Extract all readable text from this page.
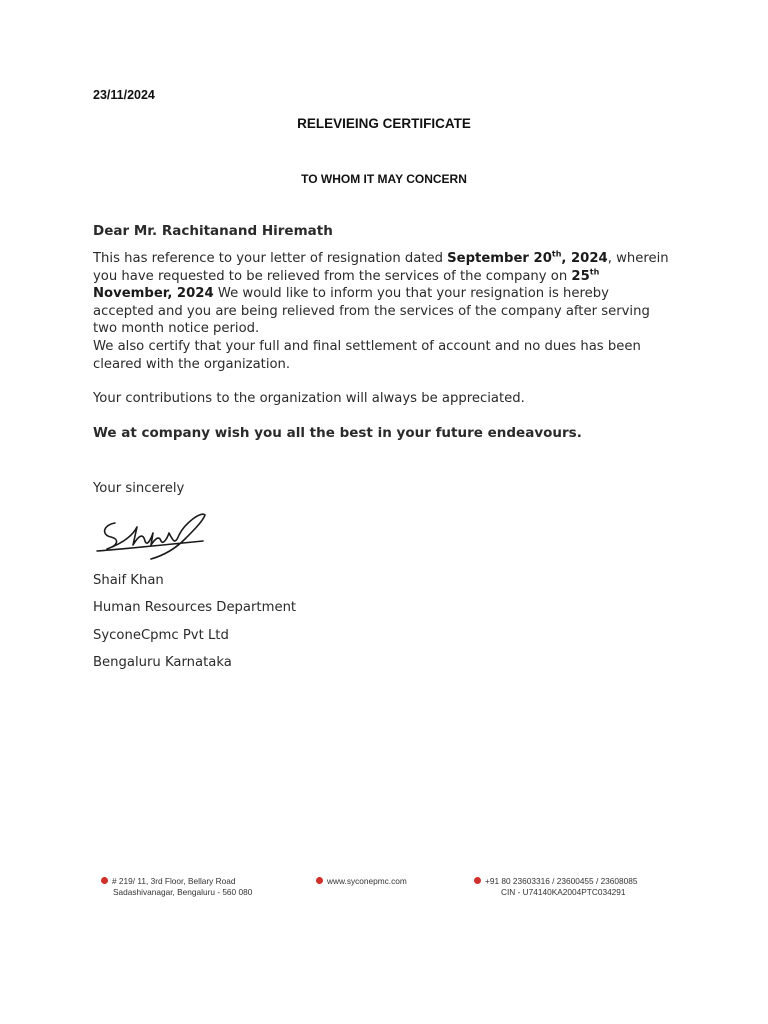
23/11/2024
RELEVIEING CERTIFICATE
TO WHOM IT MAY CONCERN
Dear Mr. Rachitanand Hiremath
This has reference to your letter of resignation dated September 20th, 2024, wherein you have requested to be relieved from the services of the company on 25th November, 2024 We would like to inform you that your resignation is hereby accepted and you are being relieved from the services of the company after serving two month notice period.
We also certify that your full and final settlement of account and no dues has been cleared with the organization.
Your contributions to the organization will always be appreciated.
We at company wish you all the best in your future endeavours.
Your sincerely
Shaif Khan
Human Resources Department
SyconeCpmc Pvt Ltd
Bengaluru Karnataka
# 219/ 11, 3rd Floor, Bellary Road
Sadashivanagar, Bengaluru - 560 080
www.syconepmc.com	+91 80 23603316 / 23600455 / 23608085
CIN - U74140KA2004PTC034291
